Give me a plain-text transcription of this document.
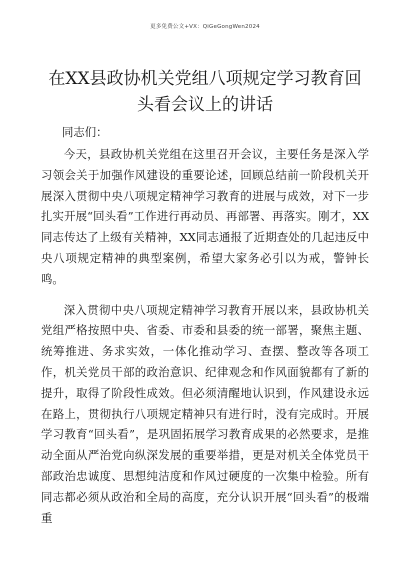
更多免费公文+VX：QiGeGongWen2024
在XX县政协机关党组八项规定学习教育回头看会议上的讲话

同志们：

今天，县政协机关党组在这里召开会议，主要任务是深入学习领会关于加强作风建设的重要论述，回顾总结前一阶段机关开展深入贯彻中央八项规定精神学习教育的进展与成效，对下一步扎实开展“回头看”工作进行再动员、再部署、再落实。刚才，XX同志传达了上级有关精神，XX同志通报了近期查处的几起违反中央八项规定精神的典型案例，希望大家务必引以为戒，警钟长鸣。

深入贯彻中央八项规定精神学习教育开展以来，县政协机关党组严格按照中央、省委、市委和县委的统一部署，聚焦主题、统筹推进、务求实效，一体化推动学习、查摆、整改等各项工作，机关党员干部的政治意识、纪律观念和作风面貌都有了新的提升，取得了阶段性成效。但必须清醒地认识到，作风建设永远在路上，贯彻执行八项规定精神只有进行时，没有完成时。开展学习教育“回头看”，是巩固拓展学习教育成果的必然要求，是推动全面从严治党向纵深发展的重要举措，更是对机关全体党员干部政治忠诚度、思想纯洁度和作风过硬度的一次集中检验。所有同志都必须从政治和全局的高度，充分认识开展“回头看”的极端重
